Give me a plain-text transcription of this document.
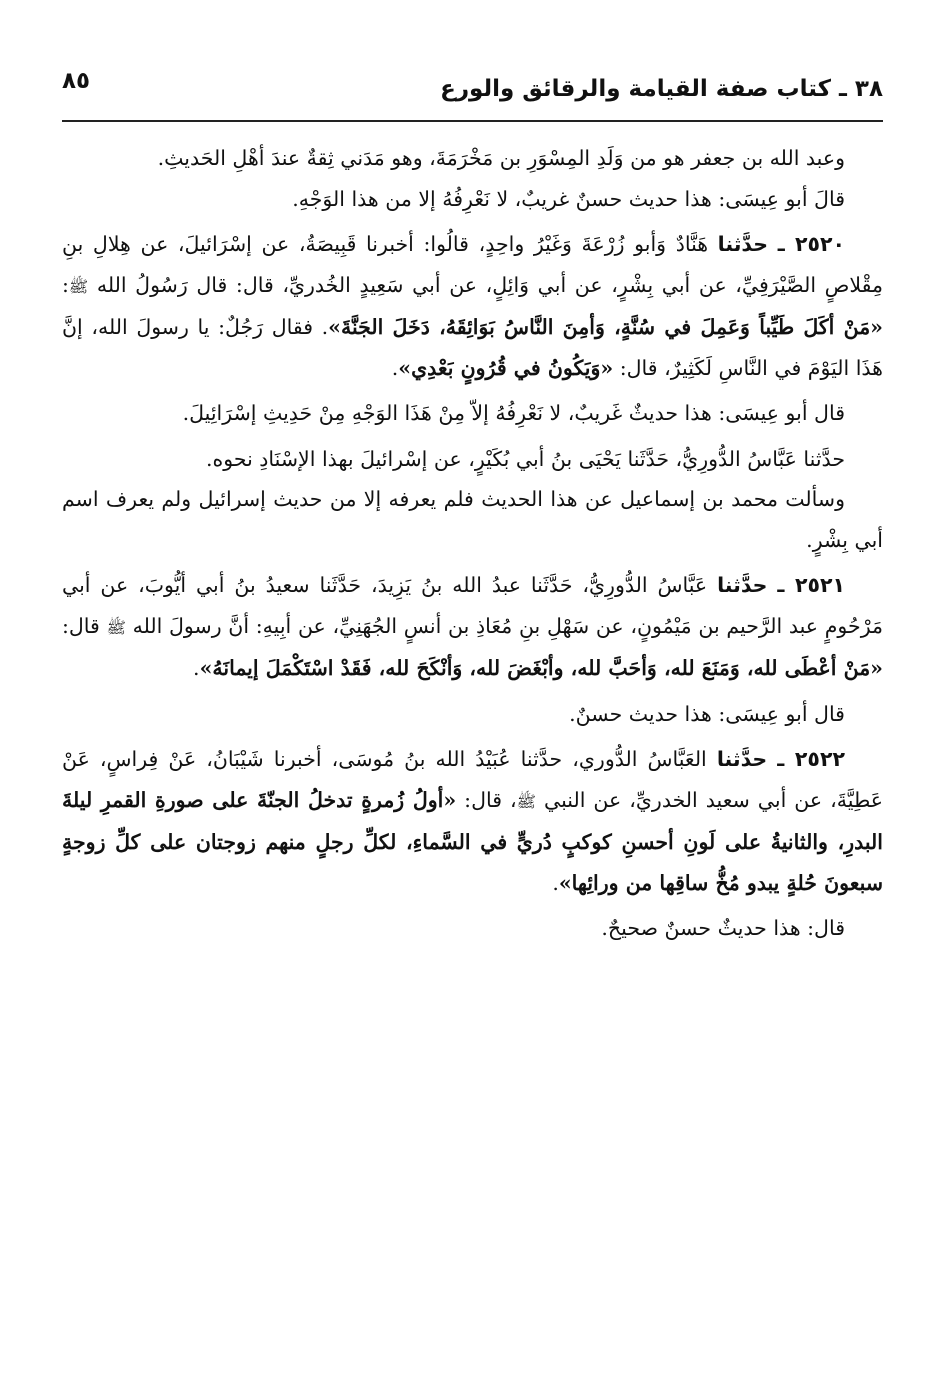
٣٨ ـ كتاب صفة القيامة والرقائق والورع
٨٥

وعبد الله بن جعفر هو من وَلَدِ المِسْوَرِ بن مَخْرَمَةَ، وهو مَدَني ثِقةٌ عندَ أهْلِ الحَديثِ.

قالَ أبو عِيسَى: هذا حديث حسنٌ غريبٌ، لا نَعْرِفُهُ إلا من هذا الوَجْهِ.

٢٥٢٠ ـ حدَّثنا هَنَّادٌ وَأبو زُرْعَةَ وَغَيْرُ واحِدٍ، قالُوا: أخبرنا قَبِيصَةُ، عن إسْرَائيلَ، عن هِلالِ بنِ مِقْلاصٍ الصَّيْرَفِيِّ، عن أبي بِشْرٍ، عن أبي وَائِلٍ، عن أبي سَعِيدٍ الخُدريِّ، قال: قال رَسُولُ الله ﷺ: «مَنْ أكَلَ طَيِّباً وَعَمِلَ في سُنَّةٍ، وَأمِنَ النَّاسُ بَوَائِقَهُ، دَخَلَ الجَنَّةَ». فقال رَجُلٌ: يا رسولَ الله، إنَّ هَذَا اليَوْمَ في النَّاسِ لَكَثِيرٌ، قال: «وَيَكُونُ في قُرُونٍ بَعْدِي».

قال أبو عِيسَى: هذا حديثٌ غَريبٌ، لا نَعْرِفُهُ إلاّ مِنْ هَذَا الوَجْهِ مِنْ حَدِيثِ إسْرَائِيلَ.

حدَّثنا عَبَّاسُ الدُّورِيُّ، حَدَّثَنا يَحْيَى بنُ أبي بُكَيْرٍ، عن إسْرائيلَ بهذا الإسْنَادِ نحوه.

وسألت محمد بن إسماعيل عن هذا الحديث فلم يعرفه إلا من حديث إسرائيل ولم يعرف اسم أبي بِشْرٍ.

٢٥٢١ ـ حدَّثنا عَبَّاسُ الدُّورِيُّ، حَدَّثَنا عبدُ الله بنُ يَزِيدَ، حَدَّثَنا سعيدُ بنُ أبي أيُّوبَ، عن أبي مَرْحُومٍ عبد الرَّحيم بن مَيْمُونٍ، عن سَهْلِ بنِ مُعَاذِ بن أنسٍ الجُهَنِيِّ، عن أبِيهِ: أنَّ رسولَ الله ﷺ قال: «مَنْ أعْطَى لله، وَمَنَعَ لله، وَأحَبَّ لله، وأبْغَضَ لله، وَأنْكَحَ لله، فَقَدْ اسْتَكْمَلَ إيمانَهُ».

قال أبو عِيسَى: هذا حديث حسنٌ.

٢٥٢٢ ـ حدَّثنا العَبَّاسُ الدُّوري، حدَّثنا عُبَيْدُ الله بنُ مُوسَى، أخبرنا شَيْبَانُ، عَنْ فِراسٍ، عَنْ عَطِيَّةَ، عن أبي سعيد الخدريِّ، عن النبي ﷺ، قال: «أولُ زُمرةٍ تدخلُ الجنّةَ على صورةِ القمرِ ليلةَ البدرِ، والثانيةُ على لَونِ أحسنِ كوكبٍ دُريٍّ في السَّماءِ، لكلِّ رجلٍ منهم زوجتان على كلِّ زوجةٍ سبعونَ حُلةٍ يبدو مُخُّ ساقِها من ورائِها».

قال: هذا حديثٌ حسنٌ صحيحٌ.
